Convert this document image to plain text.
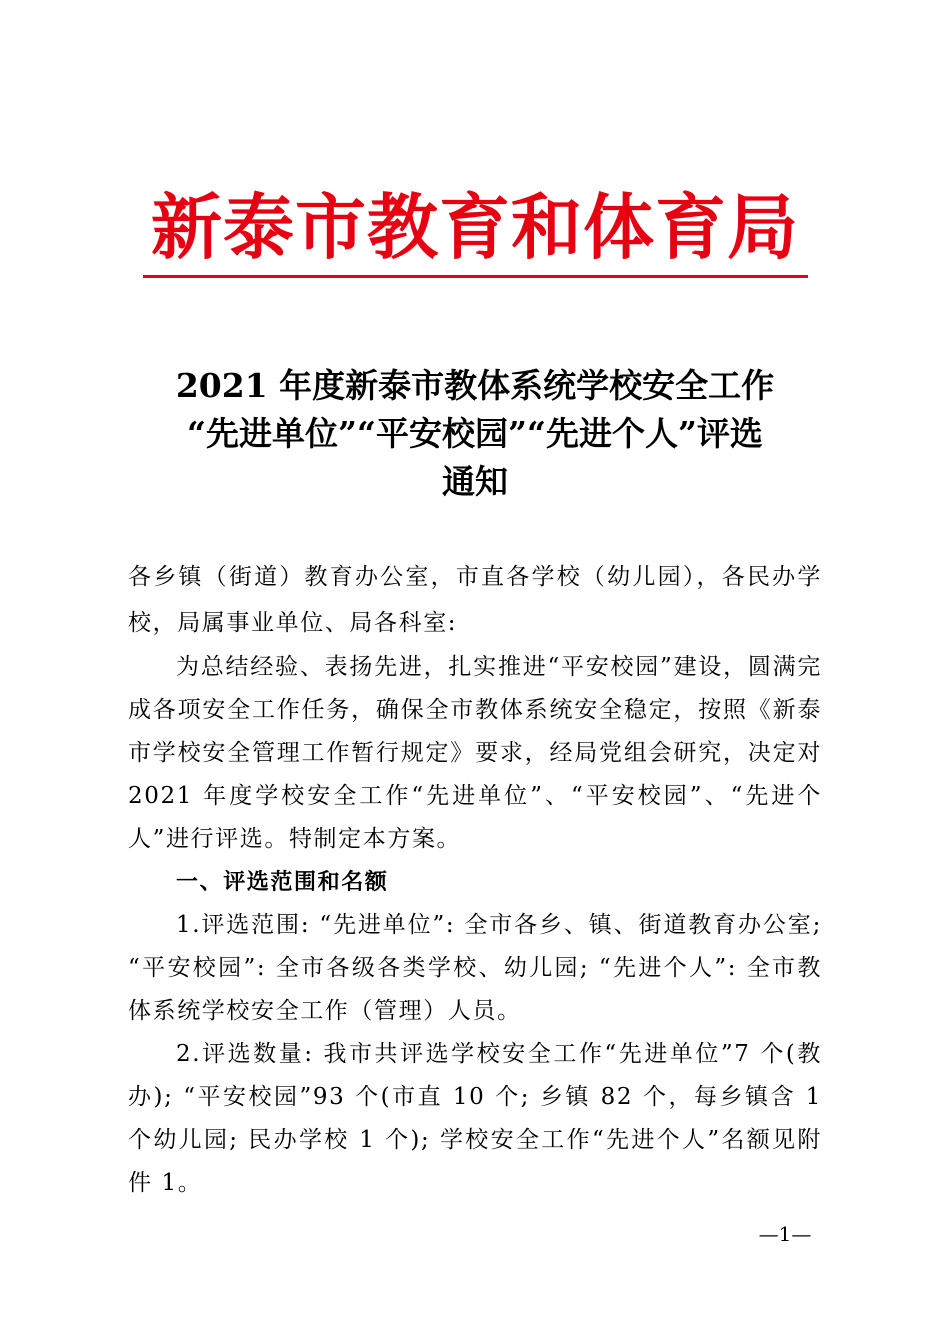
新泰市教育和体育局
2021 年度新泰市教体系统学校安全工作
“先进单位”“平安校园”“先进个人”评选
通知

各乡镇（街道）教育办公室，市直各学校（幼儿园），各民办学校，局属事业单位、局各科室:

为总结经验、表扬先进，扎实推进“平安校园”建设，圆满完成各项安全工作任务，确保全市教体系统安全稳定，按照《新泰市学校安全管理工作暂行规定》要求，经局党组会研究，决定对 2021 年度学校安全工作“先进单位”、“平安校园”、“先进个人”进行评选。特制定本方案。

一、评选范围和名额

1.评选范围: “先进单位”: 全市各乡、镇、街道教育办公室; “平安校园”: 全市各级各类学校、幼儿园; “先进个人”: 全市教体系统学校安全工作（管理）人员。

2.评选数量: 我市共评选学校安全工作“先进单位”7 个(教办); “平安校园”93 个(市直 10 个; 乡镇 82 个，每乡镇含 1 个幼儿园; 民办学校 1 个); 学校安全工作“先进个人”名额见附件 1。

—1—
